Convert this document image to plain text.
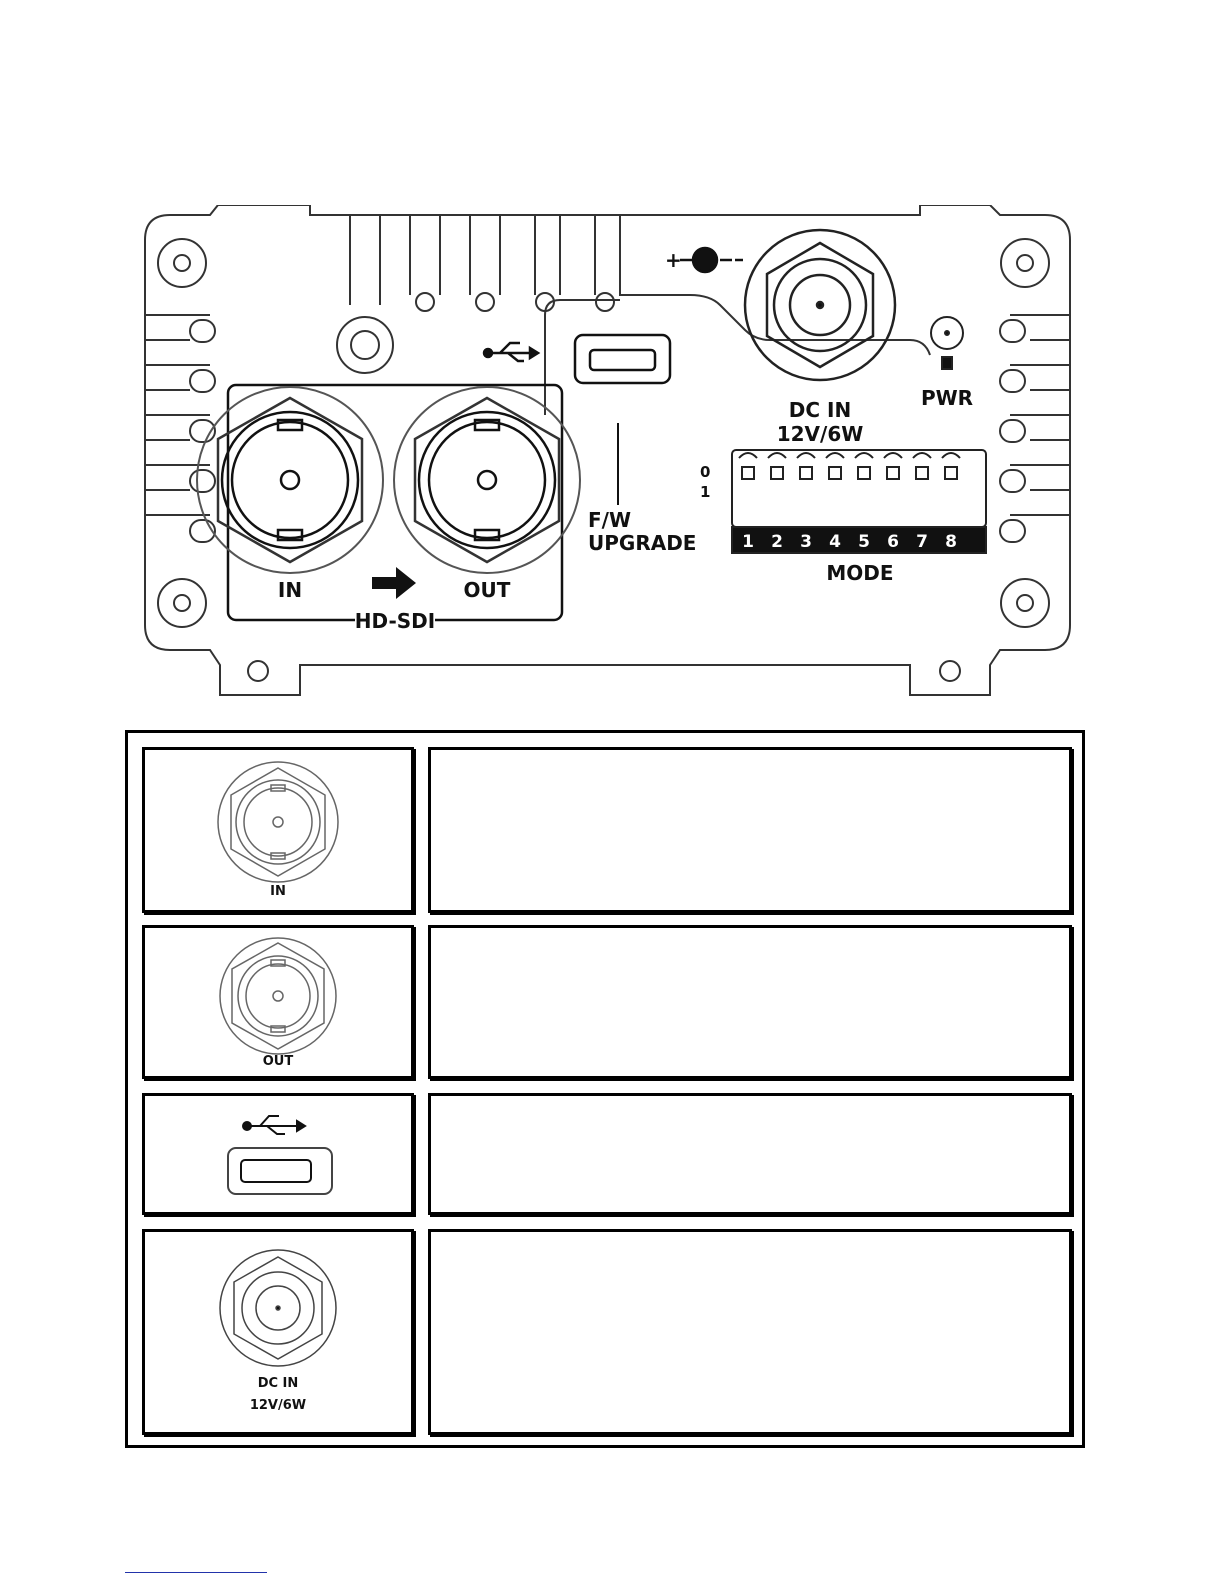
+
DC IN
12V/6W
PWR
F/W
UPGRADE
0
1
1 2 3 4 5 6 7 8
MODE
IN	OUT
HD-SDI
IN
OUT
DC IN
12V/6W
